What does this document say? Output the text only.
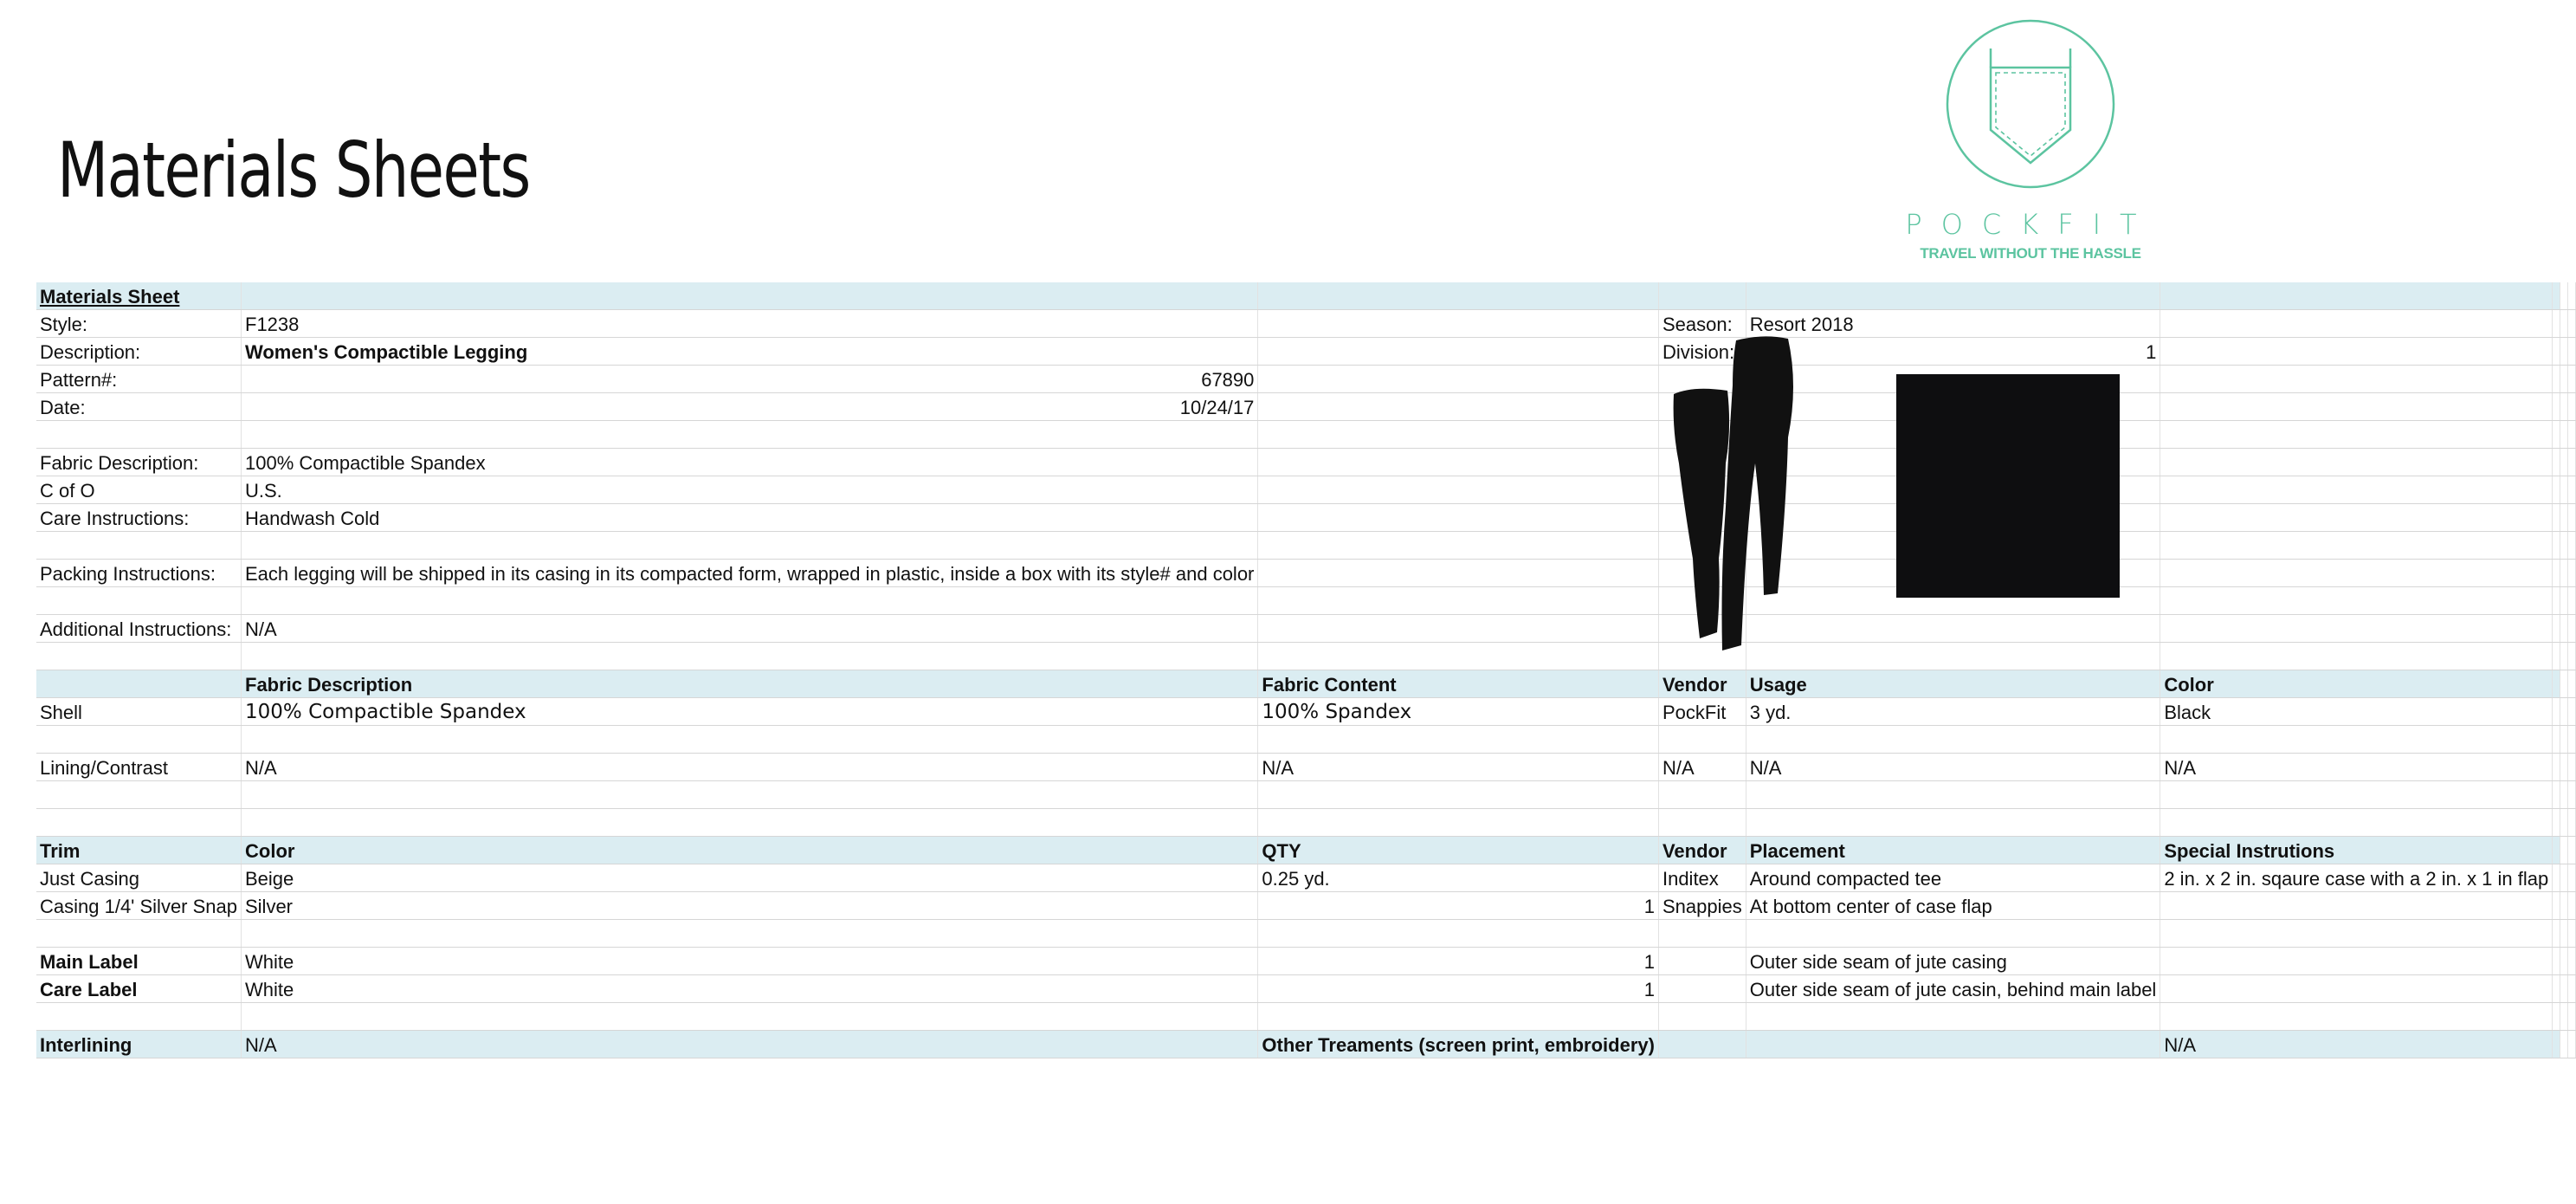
Materials Sheets
POCKFIT
TRAVEL WITHOUT THE HASSLE
Materials Sheet								
Style:	F1238		Season:	Resort 2018				
Description:	Women's Compactible Legging		Division:	1				
Pattern#:	67890							
Date:	10/24/17							

Fabric Description:	100% Compactible Spandex							
C of O	U.S.							
Care Instructions:	Handwash Cold							

Packing Instructions:	Each legging will be shipped in its casing in its compacted form, wrapped in plastic, inside a box with its style# and color							

Additional Instructions:	N/A							

	Fabric Description	Fabric Content	Vendor	Usage	Color			
Shell	100% Compactible Spandex	100% Spandex	PockFit	3 yd.	Black			

Lining/Contrast	N/A	N/A	N/A	N/A	N/A			

Trim	Color	QTY	Vendor	Placement	Special Instrutions			
Just Casing	Beige	0.25 yd.	Inditex	Around compacted tee	2 in. x 2 in. sqaure case with a 2 in. x 1 in flap			
Casing 1/4' Silver Snap	Silver	1	Snappies	At bottom center of case flap				

Main Label	White	1		Outer side seam of jute casing				
Care Label	White	1		Outer side seam of jute casin, behind main label				

Interlining	N/A	Other Treaments (screen print, embroidery)			N/A			
